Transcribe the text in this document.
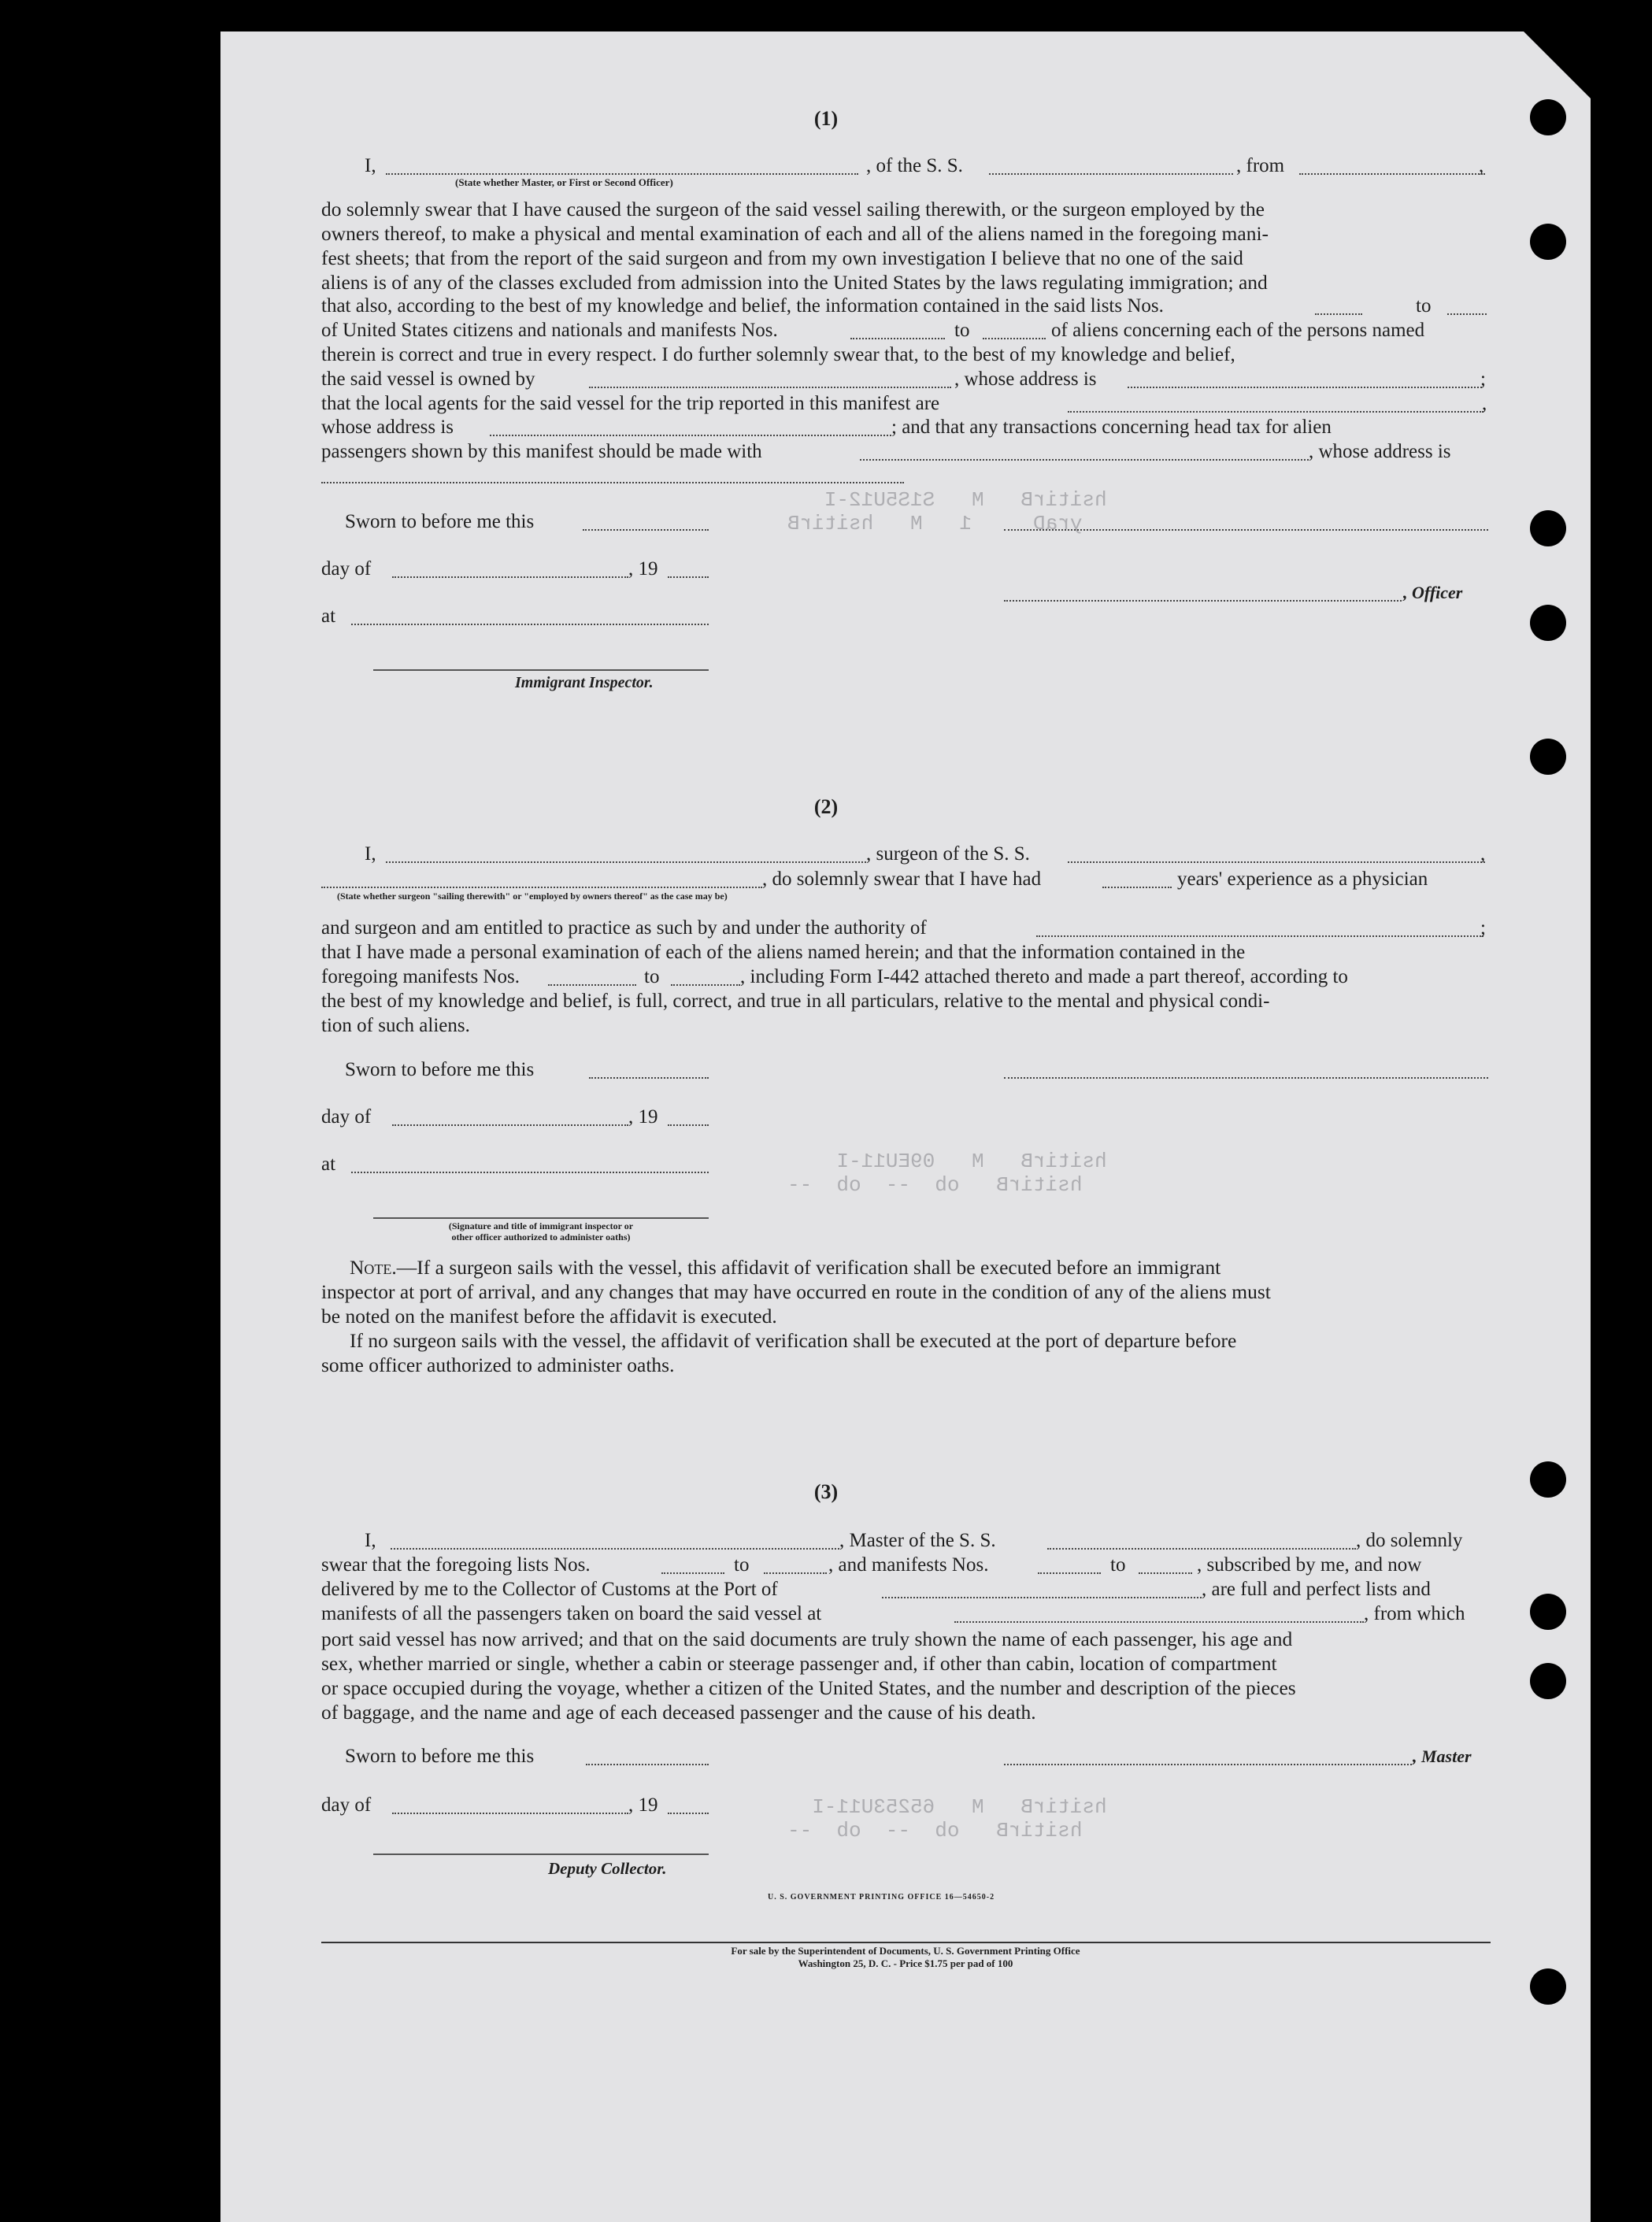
hsitirB   M   S1S5U12-I
yraD     1   M   hsitirB
hsitirB   M   09EU11-I
hsitirB   ob  --  ob  --
hsitirB   M   65253U11-I
hsitirB   ob  --  ob  --
(1)
I,
(State whether Master, or First or Second Officer)
, of the S. S.	, from	,
do solemnly swear that I have caused the surgeon of the said vessel sailing therewith, or the surgeon employed by the
owners thereof, to make a physical and mental examination of each and all of the aliens named in the foregoing mani-
fest sheets; that from the report of the said surgeon and from my own investigation I believe that no one of the said
aliens is of any of the classes excluded from admission into the United States by the laws regulating immigration; and
that also, according to the best of my knowledge and belief, the information contained in the said lists Nos.	to
of United States citizens and nationals and manifests Nos.	to	of aliens concerning each of the persons named
therein is correct and true in every respect. I do further solemnly swear that, to the best of my knowledge and belief,
the said vessel is owned by	, whose address is	;
that the local agents for the said vessel for the trip reported in this manifest are	,
whose address is	; and that any transactions concerning head tax for alien
passengers shown by this manifest should be made with	, whose address is
Sworn to before me this
day of	, 19
, Officer
at
Immigrant Inspector.
(2)
I,	, surgeon of the S. S.	,
, do solemnly swear that I have had	years' experience as a physician
(State whether surgeon "sailing therewith" or "employed by owners thereof" as the case may be)
and surgeon and am entitled to practice as such by and under the authority of	;
that I have made a personal examination of each of the aliens named herein; and that the information contained in the
foregoing manifests Nos.	to	, including Form I-442 attached thereto and made a part thereof, according to
the best of my knowledge and belief, is full, correct, and true in all particulars, relative to the mental and physical condi-
tion of such aliens.
Sworn to before me this
day of	, 19
at
(Signature and title of immigrant inspector or
other officer authorized to administer oaths)
Note.—If a surgeon sails with the vessel, this affidavit of verification shall be executed before an immigrant
inspector at port of arrival, and any changes that may have occurred en route in the condition of any of the aliens must
be noted on the manifest before the affidavit is executed.
If no surgeon sails with the vessel, the affidavit of verification shall be executed at the port of departure before
some officer authorized to administer oaths.
(3)
I,	, Master of the S. S.	, do solemnly
swear that the foregoing lists Nos.	to	, and manifests Nos.	to	, subscribed by me, and now
delivered by me to the Collector of Customs at the Port of	, are full and perfect lists and
manifests of all the passengers taken on board the said vessel at	, from which
port said vessel has now arrived; and that on the said documents are truly shown the name of each passenger, his age and
sex, whether married or single, whether a cabin or steerage passenger and, if other than cabin, location of compartment
or space occupied during the voyage, whether a citizen of the United States, and the number and description of the pieces
of baggage, and the name and age of each deceased passenger and the cause of his death.
Sworn to before me this	, Master
day of	, 19
Deputy Collector.
U. S. GOVERNMENT PRINTING OFFICE 16—54650-2
For sale by the Superintendent of Documents, U. S. Government Printing Office
Washington 25, D. C. - Price $1.75 per pad of 100
